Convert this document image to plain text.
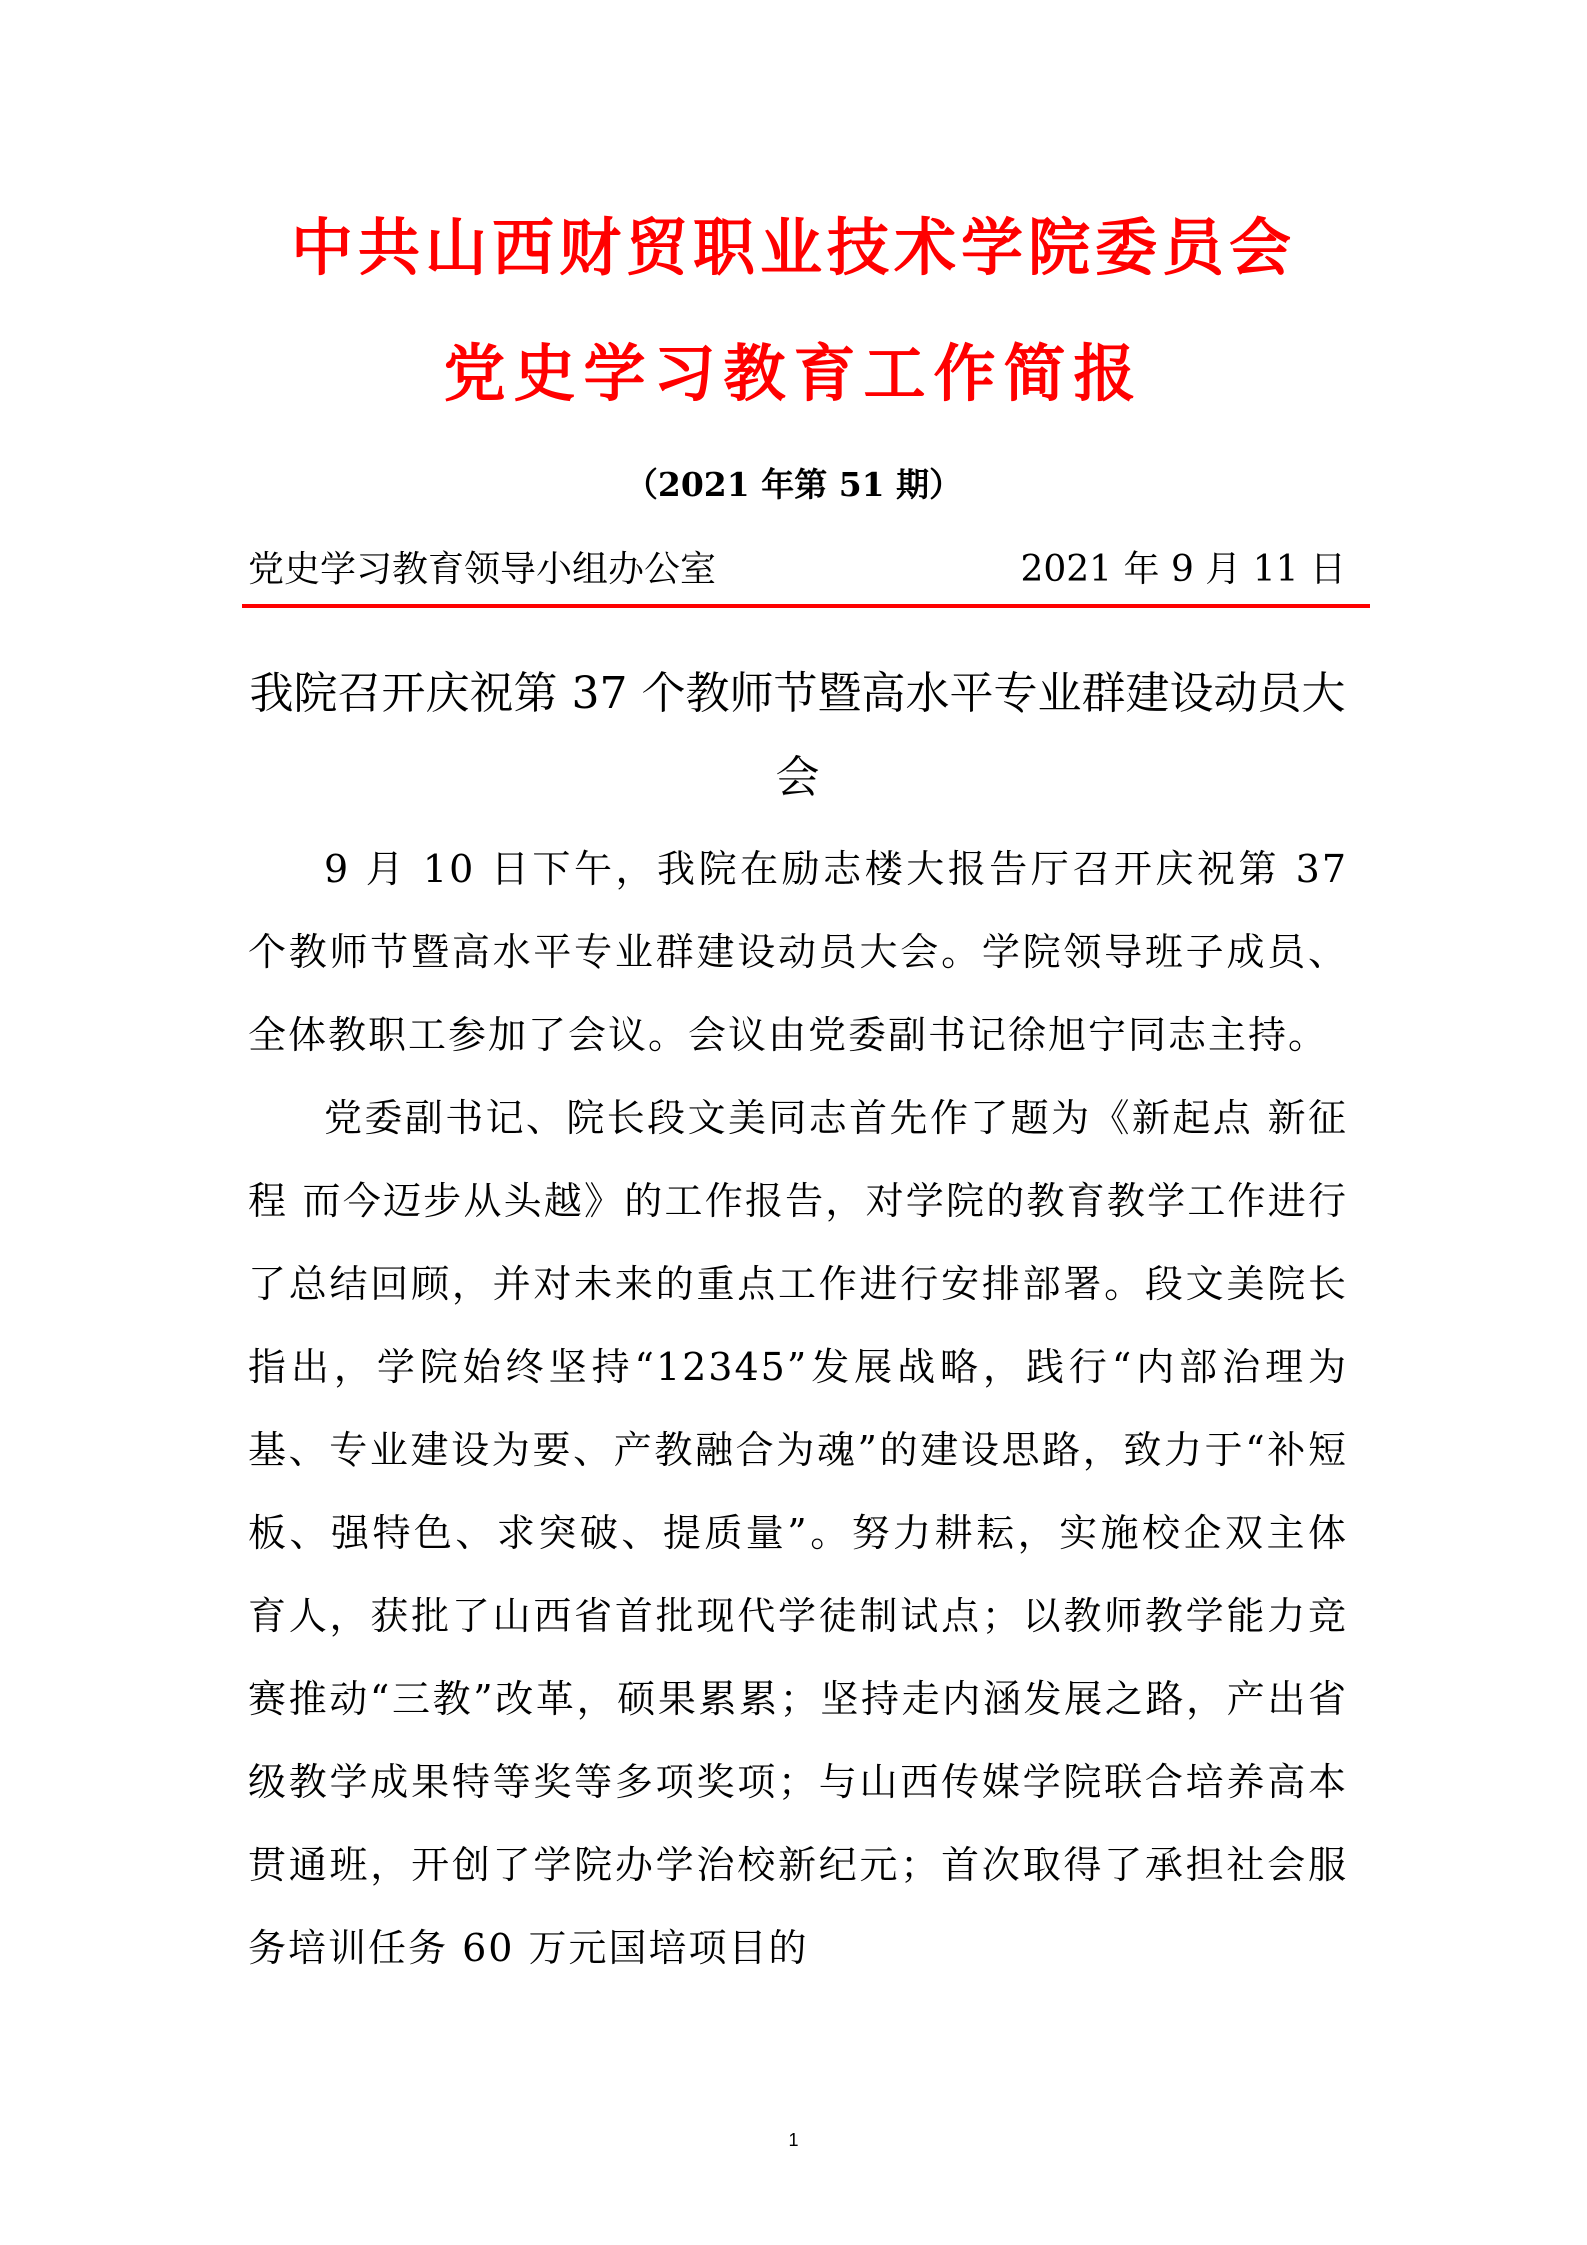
中共山西财贸职业技术学院委员会
党史学习教育工作简报
（2021 年第 51 期）
党史学习教育领导小组办公室	2021 年 9 月 11 日
我院召开庆祝第 37 个教师节暨高水平专业群建设动员大会

9 月 10 日下午，我院在励志楼大报告厅召开庆祝第 37 个教师节暨高水平专业群建设动员大会。学院领导班子成员、全体教职工参加了会议。会议由党委副书记徐旭宁同志主持。

党委副书记、院长段文美同志首先作了题为《新起点 新征程 而今迈步从头越》的工作报告，对学院的教育教学工作进行了总结回顾，并对未来的重点工作进行安排部署。段文美院长指出，学院始终坚持“12345”发展战略，践行“内部治理为基、专业建设为要、产教融合为魂”的建设思路，致力于“补短板、强特色、求突破、提质量”。努力耕耘，实施校企双主体育人，获批了山西省首批现代学徒制试点；以教师教学能力竞赛推动“三教”改革，硕果累累；坚持走内涵发展之路，产出省级教学成果特等奖等多项奖项；与山西传媒学院联合培养高本贯通班，开创了学院办学治校新纪元；首次取得了承担社会服务培训任务 60 万元国培项目的

1
